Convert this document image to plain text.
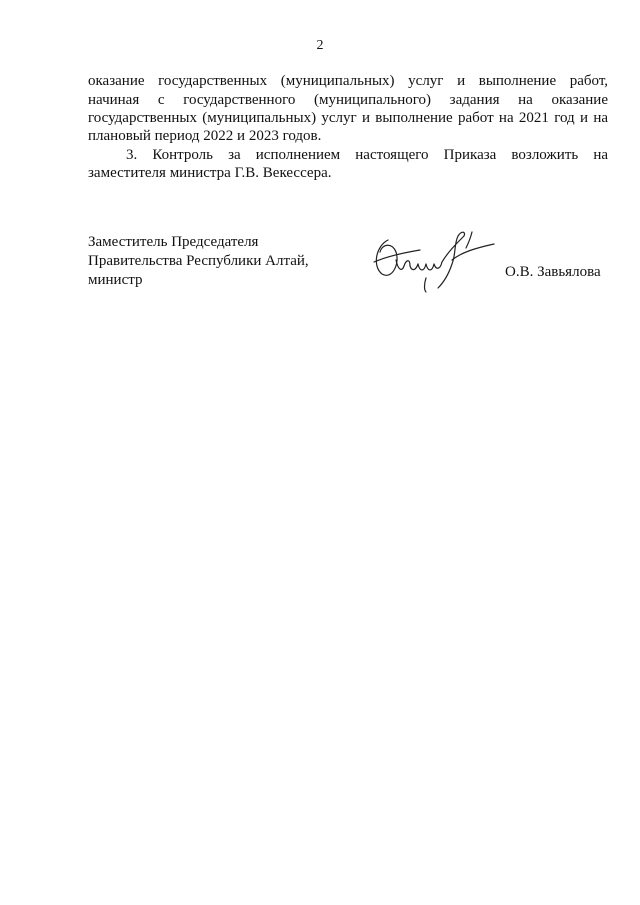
2
оказание государственных (муниципальных) услуг и выполнение работ,
начиная с государственного (муниципального) задания на оказание
государственных (муниципальных) услуг и выполнение работ на 2021 год и на
плановый период 2022 и 2023 годов.
3. Контроль за исполнением настоящего Приказа возложить на
заместителя министра Г.В. Векессера.
Заместитель Председателя
Правительства Республики Алтай,
министр	О.В. Завьялова
